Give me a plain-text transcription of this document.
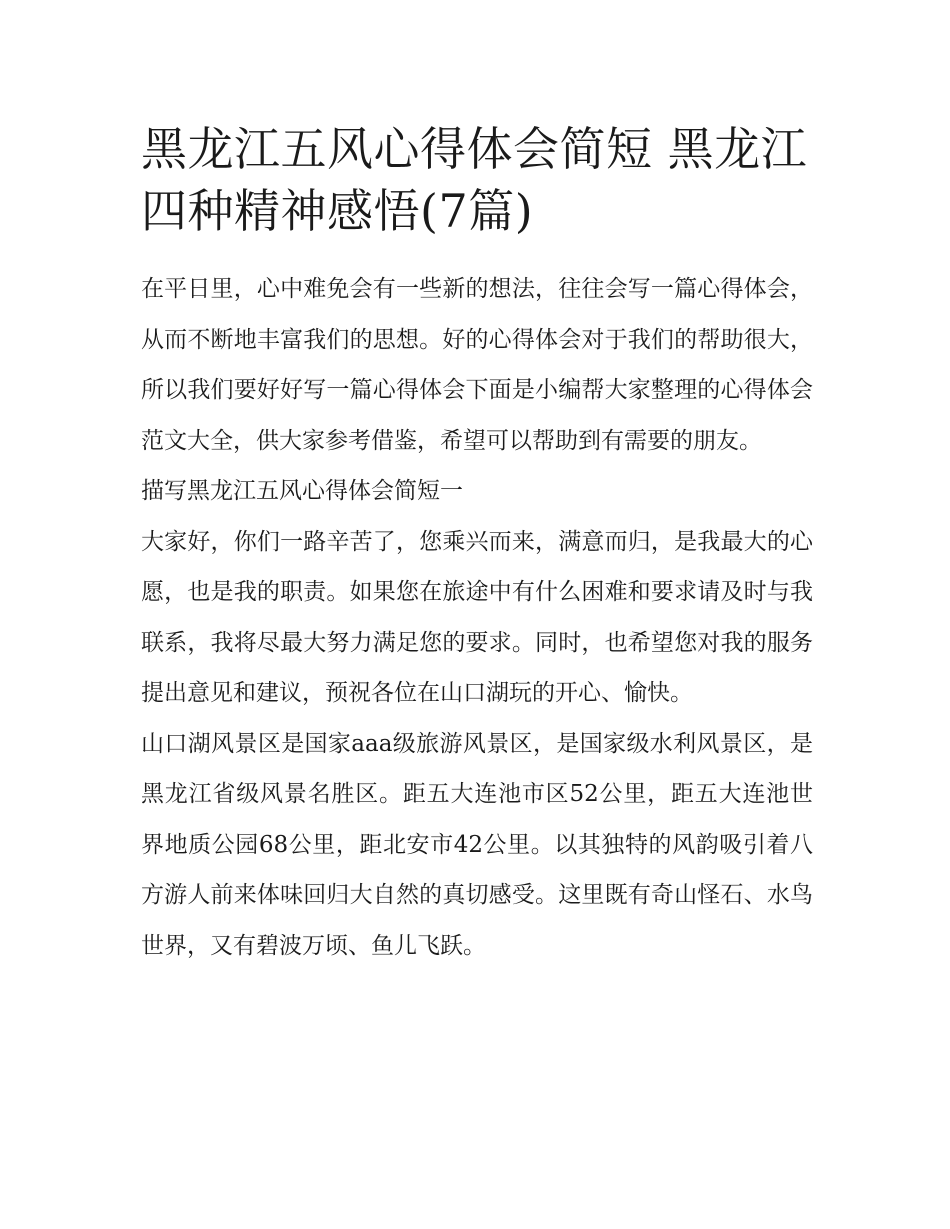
黑龙江五风心得体会简短 黑龙江四种精神感悟(7篇)

在平日里，心中难免会有一些新的想法，往往会写一篇心得体会，从而不断地丰富我们的思想。好的心得体会对于我们的帮助很大，所以我们要好好写一篇心得体会下面是小编帮大家整理的心得体会范文大全，供大家参考借鉴，希望可以帮助到有需要的朋友。

描写黑龙江五风心得体会简短一

大家好，你们一路辛苦了，您乘兴而来，满意而归，是我最大的心愿，也是我的职责。如果您在旅途中有什么困难和要求请及时与我联系，我将尽最大努力满足您的要求。同时，也希望您对我的服务提出意见和建议，预祝各位在山口湖玩的开心、愉快。

山口湖风景区是国家aaa级旅游风景区，是国家级水利风景区，是黑龙江省级风景名胜区。距五大连池市区52公里，距五大连池世界地质公园68公里，距北安市42公里。以其独特的风韵吸引着八方游人前来体味回归大自然的真切感受。这里既有奇山怪石、水鸟世界，又有碧波万顷、鱼儿飞跃。
